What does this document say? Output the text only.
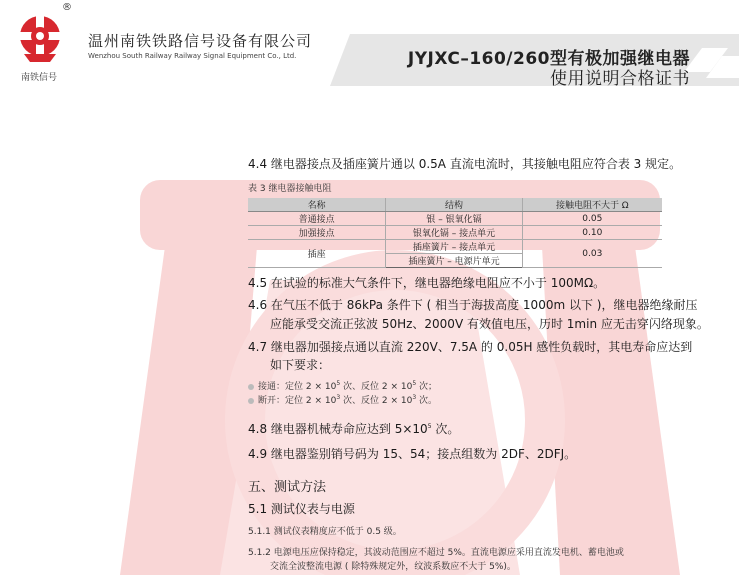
®
南铁信号
温州南铁铁路信号设备有限公司
Wenzhou South Railway Railway Signal Equipment Co., Ltd.	JYJXC–160/260型有极加强继电器
使用说明合格证书
4.4 继电器接点及插座簧片通以 0.5A 直流电流时，其接触电阻应符合表 3 规定。
表 3 继电器接触电阻
名称	结构	接触电阻不大于 Ω
普通接点	银 – 银氧化镉	0.05
加强接点	银氧化镉 – 接点单元	0.10
插座	插座簧片 – 接点单元	0.03
	插座簧片 – 电源片单元	
4.5 在试验的标准大气条件下，继电器绝缘电阻应不小于 100MΩ。
4.6 在气压不低于 86kPa 条件下 ( 相当于海拔高度 1000m 以下 )，继电器绝缘耐压
应能承受交流正弦波 50Hz、2000V 有效值电压，历时 1min 应无击穿闪络现象。
4.7 继电器加强接点通以直流 220V、7.5A 的 0.05H 感性负载时，其电寿命应达到
如下要求：
接通：定位 $2 \times 10^5$ 次、反位 $2 \times 10^5$ 次；
断开：定位 $2 \times 10^3$ 次、反位 $2 \times 10^3$ 次。
4.8 继电器机械寿命应达到 $5\times 10^5$ 次。
4.9 继电器鉴别销号码为 15、54；接点组数为 2DF、2DFJ。
五、测试方法
5.1 测试仪表与电源
5.1.1 测试仪表精度应不低于 0.5 级。
5.1.2 电源电压应保持稳定，其波动范围应不超过 5%。直流电源应采用直流发电机、蓄电池或
交流全波整流电源 ( 除特殊规定外，纹波系数应不大于 5%)。
